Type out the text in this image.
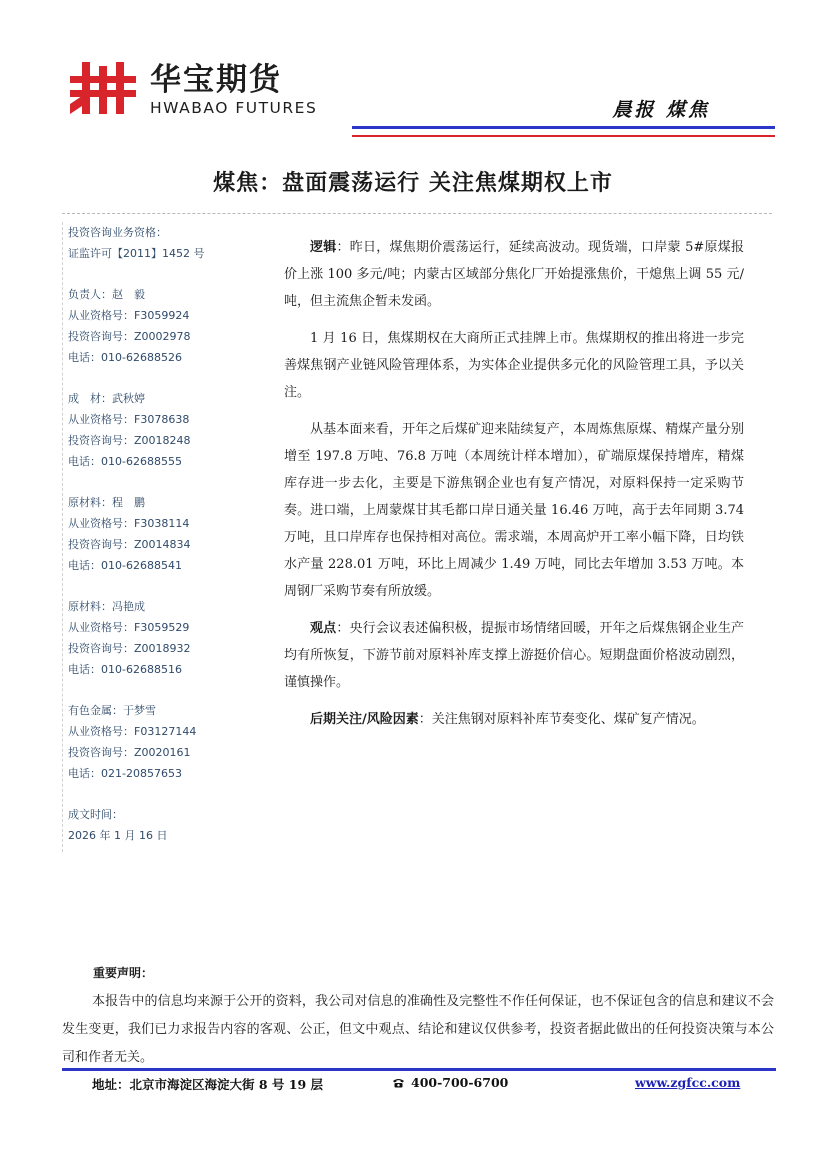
华宝期货
HWABAO FUTURES	晨报 煤焦
煤焦：盘面震荡运行 关注焦煤期权上市
投资咨询业务资格：
证监许可【2011】1452 号
负责人：赵　毅
从业资格号：F3059924
投资咨询号：Z0002978
电话：010-62688526
成　材：武秋婷
从业资格号：F3078638
投资咨询号：Z0018248
电话：010-62688555
原材料：程　鹏
从业资格号：F3038114
投资咨询号：Z0014834
电话：010-62688541
原材料：冯艳成
从业资格号：F3059529
投资咨询号：Z0018932
电话：010-62688516
有色金属：于梦雪
从业资格号：F03127144
投资咨询号：Z0020161
电话：021-20857653
成文时间：
2026 年 1 月 16 日

逻辑：昨日，煤焦期价震荡运行，延续高波动。现货端，口岸蒙 5#原煤报价上涨 100 多元/吨；内蒙古区域部分焦化厂开始提涨焦价，干熄焦上调 55 元/吨，但主流焦企暂未发函。

1 月 16 日，焦煤期权在大商所正式挂牌上市。焦煤期权的推出将进一步完善煤焦钢产业链风险管理体系，为实体企业提供多元化的风险管理工具，予以关注。

从基本面来看，开年之后煤矿迎来陆续复产，本周炼焦原煤、精煤产量分别增至 197.8 万吨、76.8 万吨（本周统计样本增加），矿端原煤保持增库，精煤库存进一步去化，主要是下游焦钢企业也有复产情况，对原料保持一定采购节奏。进口端，上周蒙煤甘其毛都口岸日通关量 16.46 万吨，高于去年同期 3.74 万吨，且口岸库存也保持相对高位。需求端，本周高炉开工率小幅下降，日均铁水产量 228.01 万吨，环比上周减少 1.49 万吨，同比去年增加 3.53 万吨。本周钢厂采购节奏有所放缓。

观点：央行会议表述偏积极，提振市场情绪回暖，开年之后煤焦钢企业生产均有所恢复，下游节前对原料补库支撑上游挺价信心。短期盘面价格波动剧烈，谨慎操作。

后期关注/风险因素：关注焦钢对原料补库节奏变化、煤矿复产情况。

重要声明：
本报告中的信息均来源于公开的资料，我公司对信息的准确性及完整性不作任何保证，也不保证包含的信息和建议不会发生变更，我们已力求报告内容的客观、公正，但文中观点、结论和建议仅供参考，投资者据此做出的任何投资决策与本公司和作者无关。
地址：北京市海淀区海淀大街 8 号 19 层	400-700-6700	www.zgfcc.com
